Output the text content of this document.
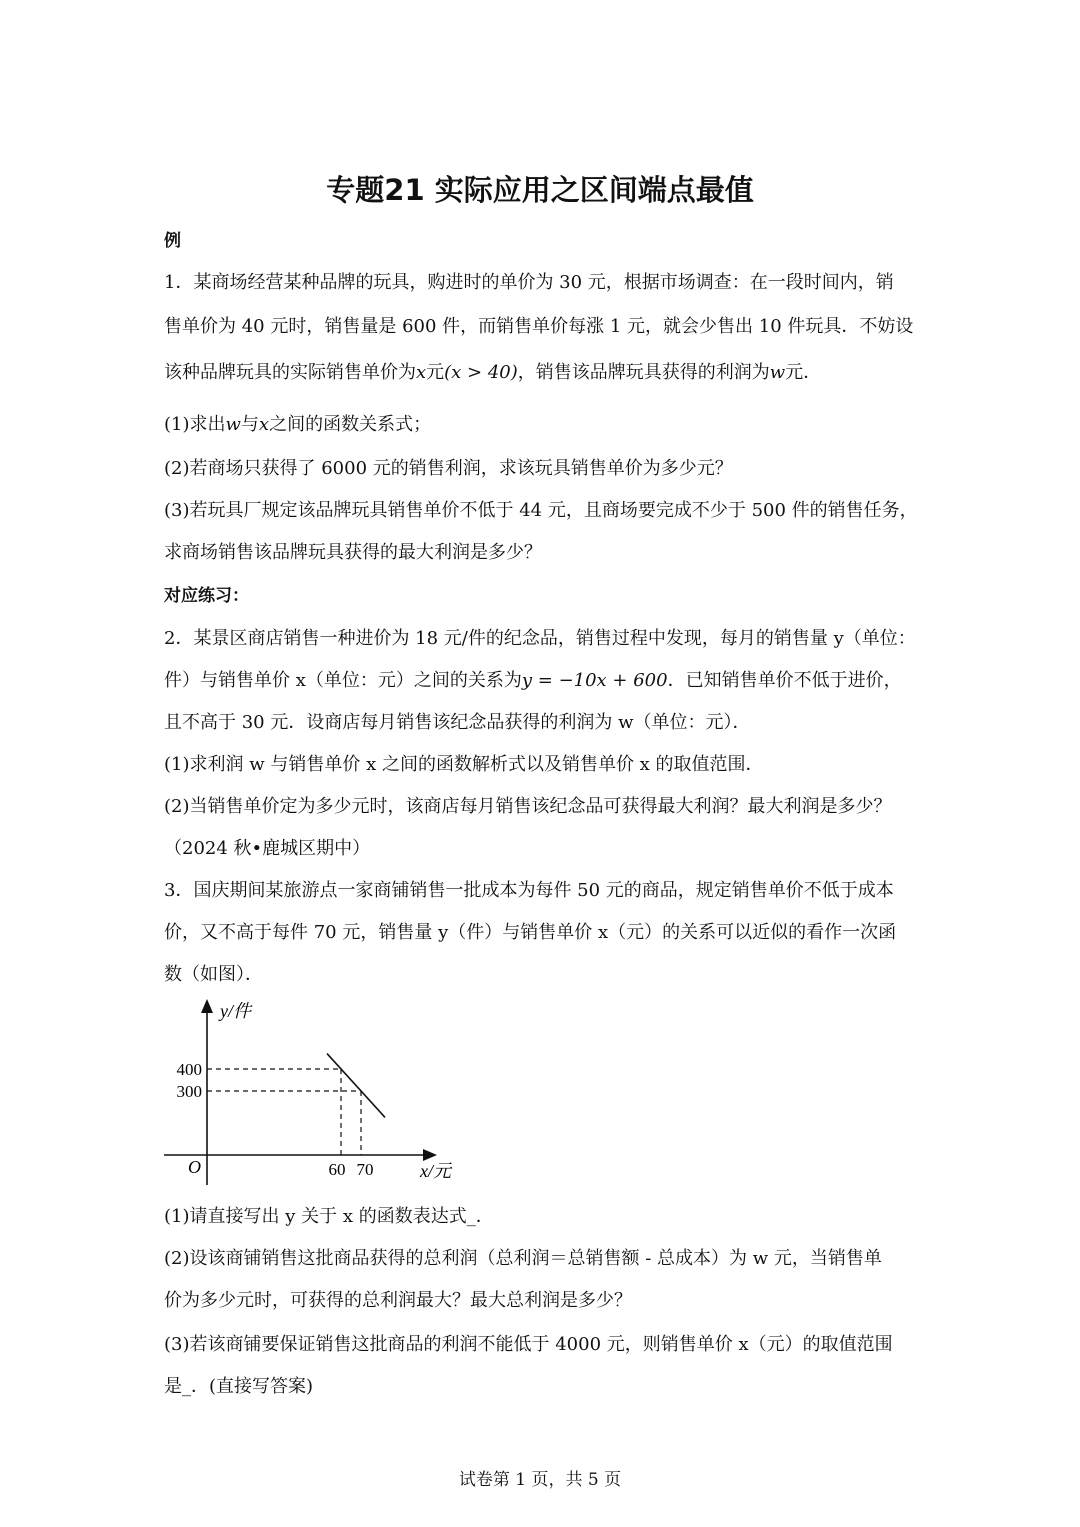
专题21 实际应用之区间端点最值
例
1．某商场经营某种品牌的玩具，购进时的单价为 30 元，根据市场调查：在一段时间内，销
售单价为 40 元时，销售量是 600 件，而销售单价每涨 1 元，就会少售出 10 件玩具．不妨设
该种品牌玩具的实际销售单价为x元(x > 40)，销售该品牌玩具获得的利润为w元．
(1)求出w与x之间的函数关系式；
(2)若商场只获得了 6000 元的销售利润，求该玩具销售单价为多少元？
(3)若玩具厂规定该品牌玩具销售单价不低于 44 元，且商场要完成不少于 500 件的销售任务，
求商场销售该品牌玩具获得的最大利润是多少？
对应练习：
2．某景区商店销售一种进价为 18 元/件的纪念品，销售过程中发现，每月的销售量 y（单位：
件）与销售单价 x（单位：元）之间的关系为y = −10x + 600．已知销售单价不低于进价，
且不高于 30 元．设商店每月销售该纪念品获得的利润为 w（单位：元）．
(1)求利润 w 与销售单价 x 之间的函数解析式以及销售单价 x 的取值范围．
(2)当销售单价定为多少元时，该商店每月销售该纪念品可获得最大利润？最大利润是多少？
（2024 秋•鹿城区期中）
3．国庆期间某旅游点一家商铺销售一批成本为每件 50 元的商品，规定销售单价不低于成本
价，又不高于每件 70 元，销售量 y（件）与销售单价 x（元）的关系可以近似的看作一次函
数（如图）．
y/件
x/元
O	60 70
400
300
(1)请直接写出 y 关于 x 的函数表达式_．
(2)设该商铺销售这批商品获得的总利润（总利润＝总销售额 - 总成本）为 w 元，当销售单
价为多少元时，可获得的总利润最大？最大总利润是多少？
(3)若该商铺要保证销售这批商品的利润不能低于 4000 元，则销售单价 x（元）的取值范围
是_．(直接写答案)
试卷第 1 页，共 5 页
